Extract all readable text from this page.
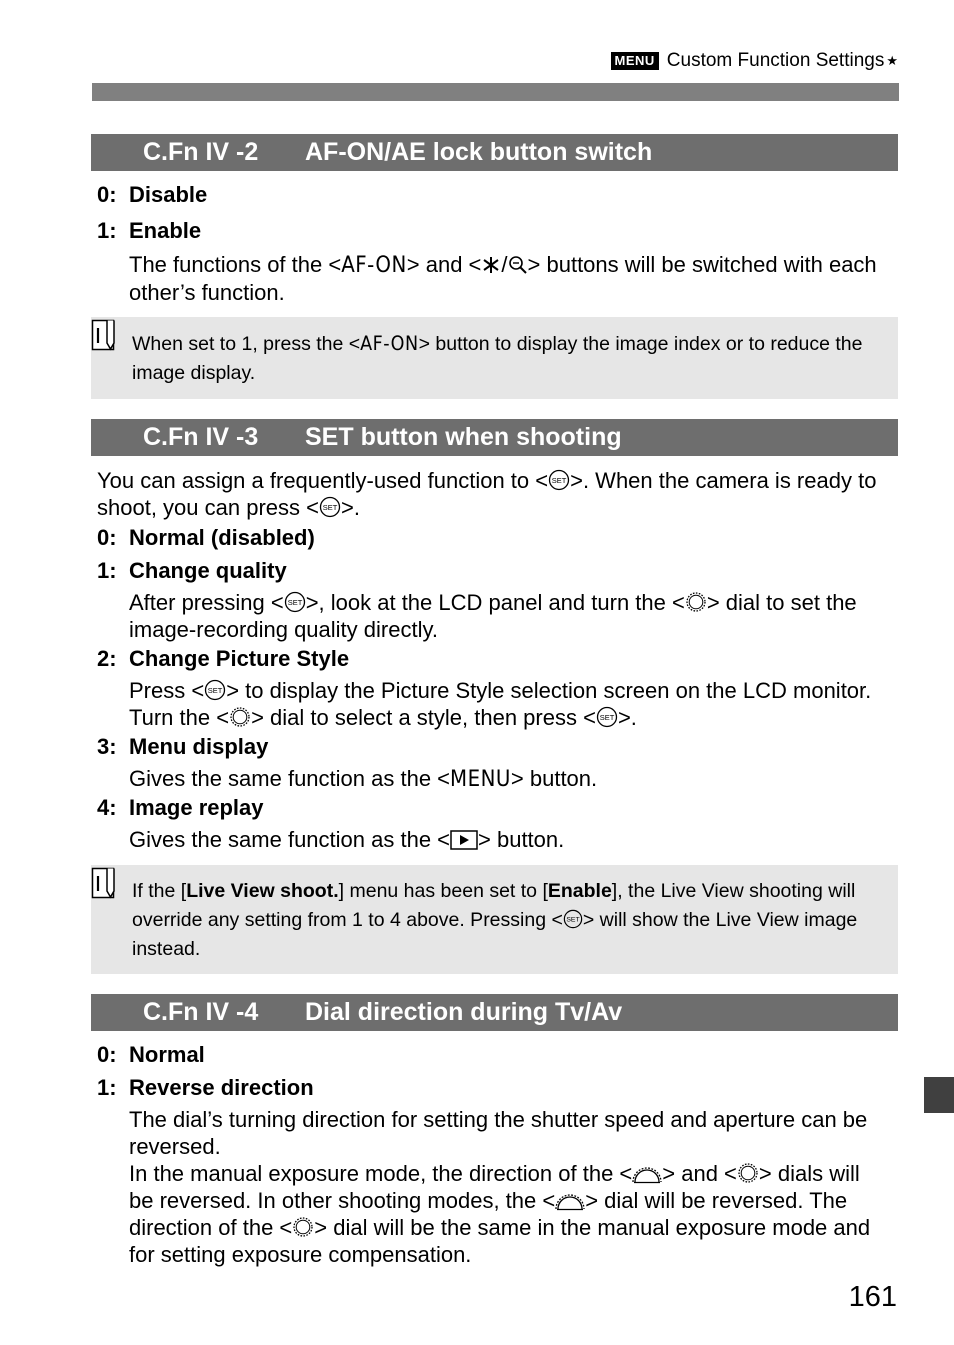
MENU Custom Function Settings ★
C.Fn IV -2	AF-ON/AE lock button switch
0: Disable
1: Enable
The functions of the <AF-ON> and < / > buttons will be switched with each other’s function.
When set to 1, press the <AF-ON> button to display the image index or to reduce the image display.
C.Fn IV -3	SET button when shooting
You can assign a frequently-used function to < >. When the camera is ready to shoot, you can press < >.
0: Normal (disabled)
1: Change quality
After pressing < >, look at the LCD panel and turn the < > dial to set the image-recording quality directly.
2: Change Picture Style
Press < > to display the Picture Style selection screen on the LCD monitor. Turn the < > dial to select a style, then press < >.
3: Menu display
Gives the same function as the <MENU> button.
4: Image replay
Gives the same function as the < > button.
If the [Live View shoot.] menu has been set to [Enable], the Live View shooting will override any setting from 1 to 4 above. Pressing < > will show the Live View image instead.
C.Fn IV -4	Dial direction during Tv/Av
0: Normal
1: Reverse direction
The dial’s turning direction for setting the shutter speed and aperture can be reversed.
In the manual exposure mode, the direction of the < > and < > dials will be reversed. In other shooting modes, the < > dial will be reversed. The direction of the < > dial will be the same in the manual exposure mode and for setting exposure compensation.
161
